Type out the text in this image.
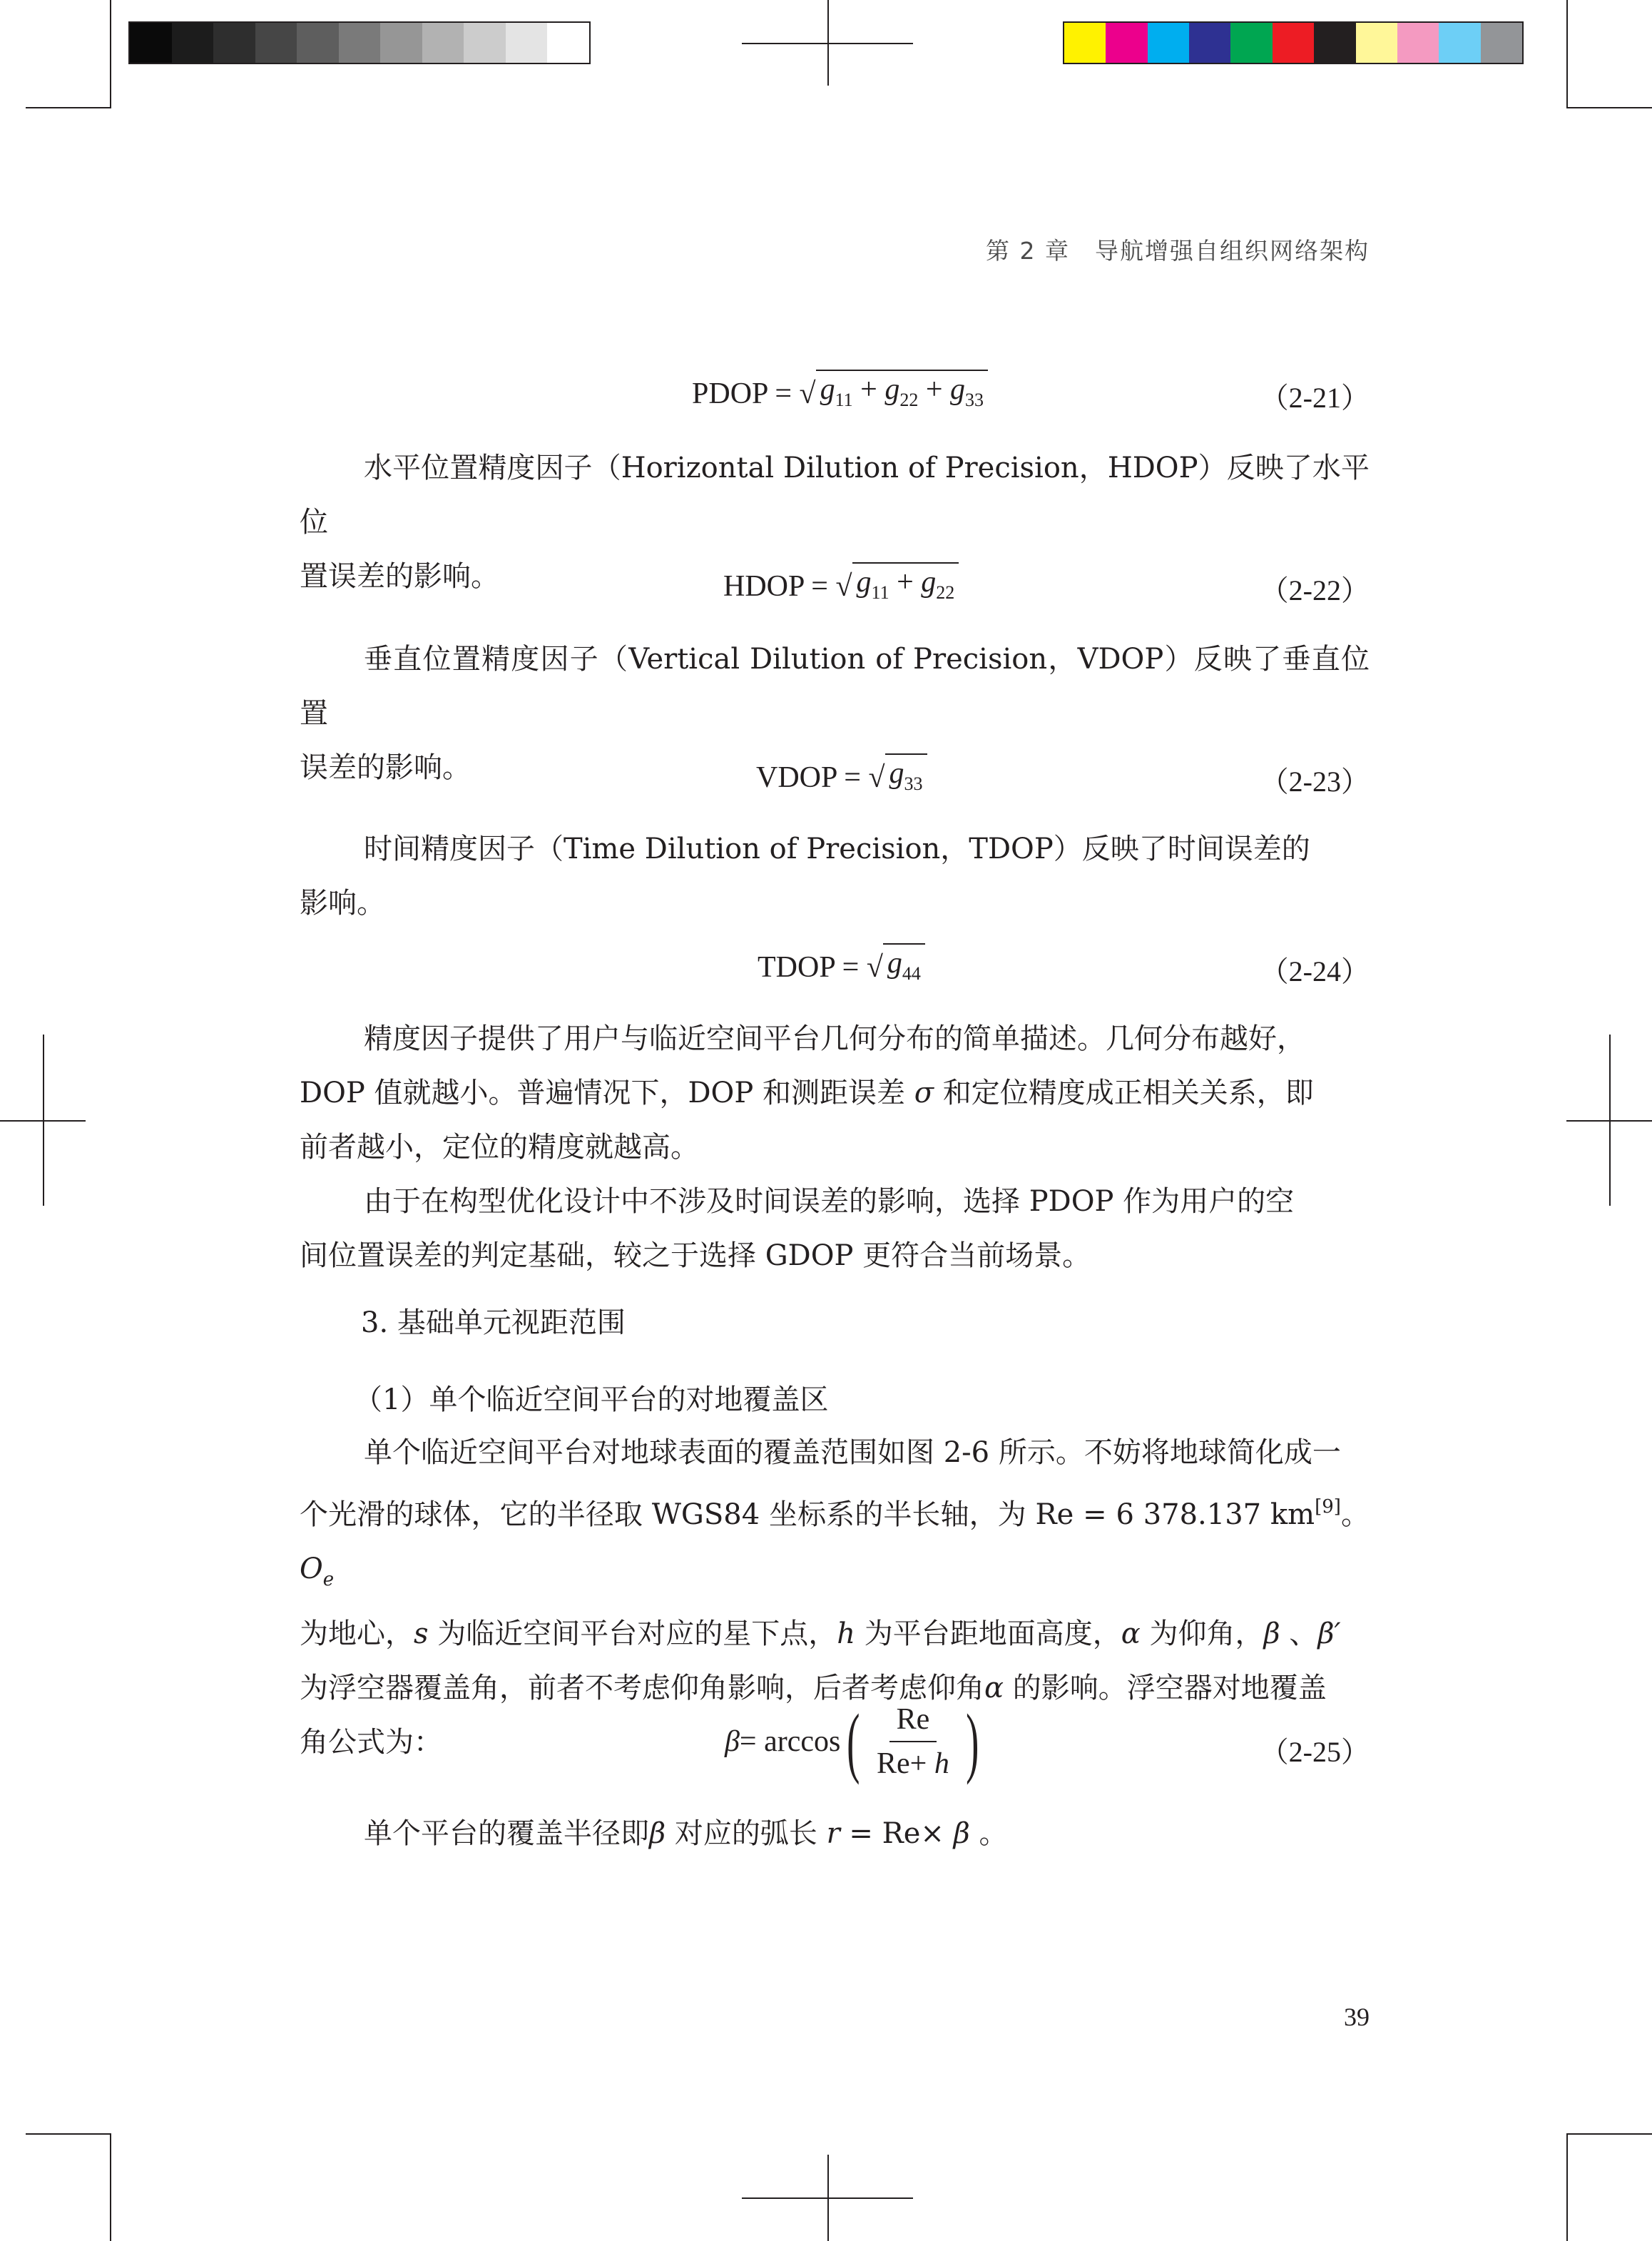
第 2 章　导航增强自组织网络架构
PDOP = √ $g_{11} + g_{22} + g_{33}$	（2-21）
水平位置精度因子（Horizontal Dilution of Precision，HDOP）反映了水平位
置误差的影响。	HDOP = √ $g_{11} + g_{22}$	（2-22）
垂直位置精度因子（Vertical Dilution of Precision，VDOP）反映了垂直位置
误差的影响。	VDOP = √ $g_{33}$	（2-23）
时间精度因子（Time Dilution of Precision，TDOP）反映了时间误差的
影响。
TDOP = √ $g_{44}$	（2-24）
精度因子提供了用户与临近空间平台几何分布的简单描述。几何分布越好，
DOP 值就越小。普遍情况下，DOP 和测距误差 σ 和定位精度成正相关关系，即
前者越小，定位的精度就越高。
由于在构型优化设计中不涉及时间误差的影响，选择 PDOP 作为用户的空
间位置误差的判定基础，较之于选择 GDOP 更符合当前场景。
3. 基础单元视距范围
（1）单个临近空间平台的对地覆盖区
单个临近空间平台对地球表面的覆盖范围如图 2-6 所示。不妨将地球简化成一
个光滑的球体，它的半径取 WGS84 坐标系的半长轴，为 Re = 6 378.137 km[9]。$O_e$
为地心，s 为临近空间平台对应的星下点，h 为平台距地面高度，α 为仰角，β 、β′
为浮空器覆盖角，前者不考虑仰角影响，后者考虑仰角α 的影响。浮空器对地覆盖
角公式为：	β = arccos ( $\frac{Re}{Re+ h}$ )	（2-25）
单个平台的覆盖半径即β 对应的弧长 r = Re× β 。
39
